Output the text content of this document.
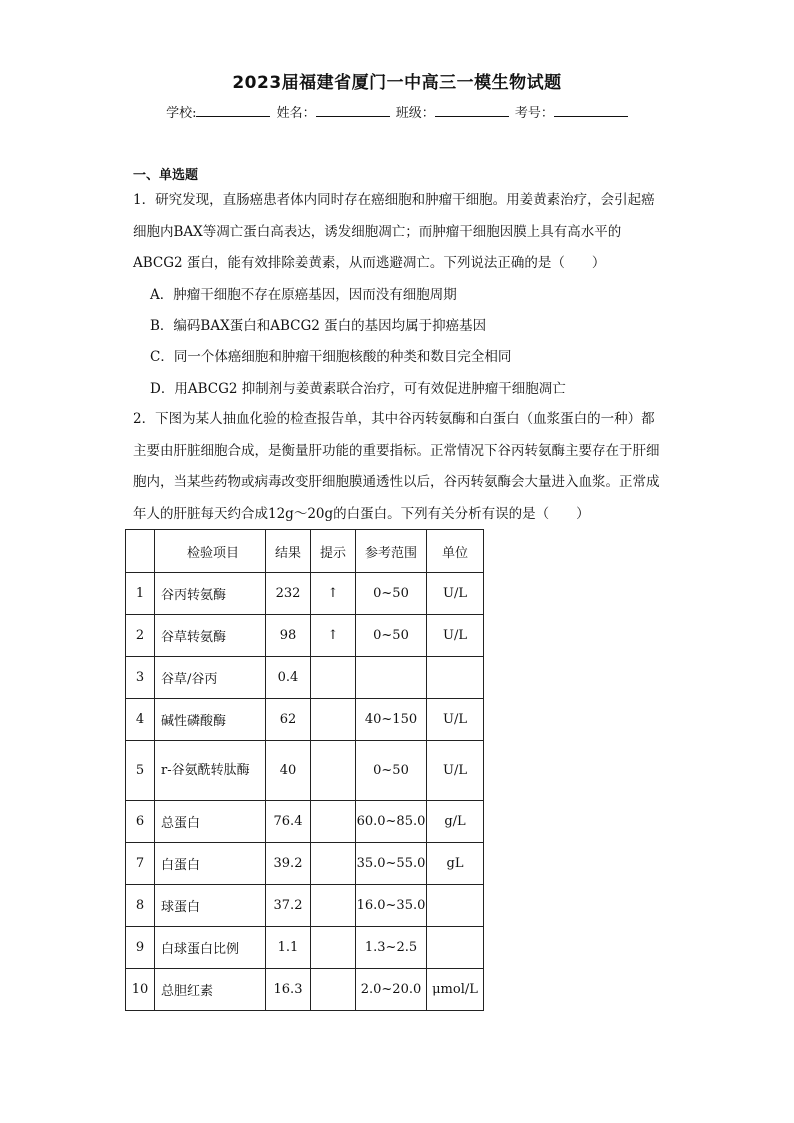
2023届福建省厦门一中高三一模生物试题
学校:	姓名：	班级：	考号：
一、单选题
1．研究发现，直肠癌患者体内同时存在癌细胞和肿瘤干细胞。用姜黄素治疗，会引起癌细胞内BAX等凋亡蛋白高表达，诱发细胞凋亡；而肿瘤干细胞因膜上具有高水平的ABCG2 蛋白，能有效排除姜黄素，从而逃避凋亡。下列说法正确的是（　　）
A．肿瘤干细胞不存在原癌基因，因而没有细胞周期
B．编码BAX蛋白和ABCG2 蛋白的基因均属于抑癌基因
C．同一个体癌细胞和肿瘤干细胞核酸的种类和数目完全相同
D．用ABCG2 抑制剂与姜黄素联合治疗，可有效促进肿瘤干细胞凋亡
2．下图为某人抽血化验的检查报告单，其中谷丙转氨酶和白蛋白（血浆蛋白的一种）都主要由肝脏细胞合成，是衡量肝功能的重要指标。正常情况下谷丙转氨酶主要存在于肝细胞内，当某些药物或病毒改变肝细胞膜通透性以后，谷丙转氨酶会大量进入血浆。正常成年人的肝脏每天约合成12g～20g的白蛋白。下列有关分析有误的是（　　）
	检验项目	结果	提示	参考范围	单位
1	谷丙转氨酶	232	↑	0~50	U/L
2	谷草转氨酶	98	↑	0~50	U/L
3	谷草/谷丙	0.4			
4	碱性磷酸酶	62		40~150	U/L
5	r-谷氨酰转肽酶	40		0~50	U/L
6	总蛋白	76.4		60.0~85.0	g/L
7	白蛋白	39.2		35.0~55.0	gL
8	球蛋白	37.2		16.0~35.0	
9	白球蛋白比例	1.1		1.3~2.5	
10	总胆红素	16.3		2.0~20.0	μmol/L
